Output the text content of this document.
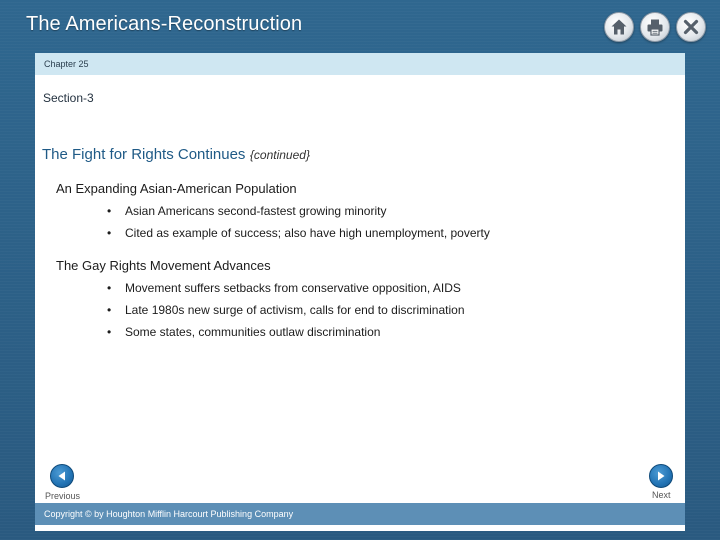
The Americans-Reconstruction
Chapter 25
Section-3
The Fight for Rights Continues {continued}
An Expanding Asian-American Population
• Asian Americans second-fastest growing minority
• Cited as example of success; also have high unemployment, poverty
The Gay Rights Movement Advances
• Movement suffers setbacks from conservative opposition, AIDS
• Late 1980s new surge of activism, calls for end to discrimination
• Some states, communities outlaw discrimination
Previous	Next
Copyright © by Houghton Mifflin Harcourt Publishing Company
